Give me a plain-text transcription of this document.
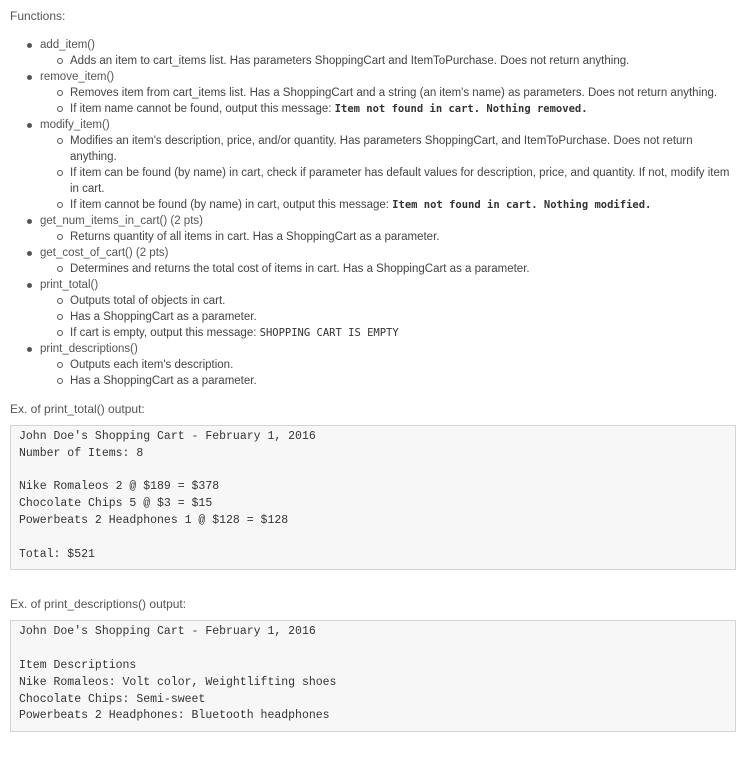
Functions:
add_item()
Adds an item to cart_items list. Has parameters ShoppingCart and ItemToPurchase. Does not return anything.
remove_item()
Removes item from cart_items list. Has a ShoppingCart and a string (an item's name) as parameters. Does not return anything.
If item name cannot be found, output this message: Item not found in cart. Nothing removed.
modify_item()
Modifies an item's description, price, and/or quantity. Has parameters ShoppingCart, and ItemToPurchase. Does not return anything.
If item can be found (by name) in cart, check if parameter has default values for description, price, and quantity. If not, modify item in cart.
If item cannot be found (by name) in cart, output this message: Item not found in cart. Nothing modified.
get_num_items_in_cart() (2 pts)
Returns quantity of all items in cart. Has a ShoppingCart as a parameter.
get_cost_of_cart() (2 pts)
Determines and returns the total cost of items in cart. Has a ShoppingCart as a parameter.
print_total()
Outputs total of objects in cart.
Has a ShoppingCart as a parameter.
If cart is empty, output this message: SHOPPING CART IS EMPTY
print_descriptions()
Outputs each item's description.
Has a ShoppingCart as a parameter.
Ex. of print_total() output:
John Doe's Shopping Cart - February 1, 2016
Number of Items: 8
Nike Romaleos 2 @ $189 = $378
Chocolate Chips 5 @ $3 = $15
Powerbeats 2 Headphones 1 @ $128 = $128
Total: $521
Ex. of print_descriptions() output:
John Doe's Shopping Cart - February 1, 2016
Item Descriptions
Nike Romaleos: Volt color, Weightlifting shoes
Chocolate Chips: Semi-sweet
Powerbeats 2 Headphones: Bluetooth headphones
